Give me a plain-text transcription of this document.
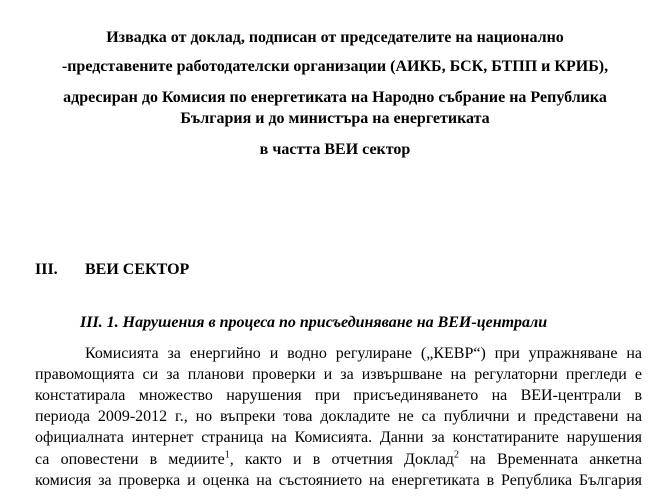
Извадка от доклад, подписан от председателите на национално
-представените работодателски организации (АИКБ, БСК, БТПП и КРИБ),
адресиран до Комисия по енергетиката на Народно събрание на Република
България и до министъра на енергетиката
в частта ВЕИ сектор
III. ВЕИ СЕКТОР
III. 1. Нарушения в процеса по присъединяване на ВЕИ-централи
Комисията за енергийно и водно регулиране („КЕВР“) при упражняване на
правомощията си за планови проверки и за извършване на регулаторни прегледи е
констатирала множество нарушения при присъединяването на ВЕИ-централи в
периода 2009-2012 г., но въпреки това докладите не са публични и представени на
официалната интернет страница на Комисията. Данни за констатираните нарушения
са оповестени в медиите$^1$, както и в отчетния Доклад$^2$ на Временната анкетна
комисия за проверка и оценка на състоянието на енергетиката в Република България
